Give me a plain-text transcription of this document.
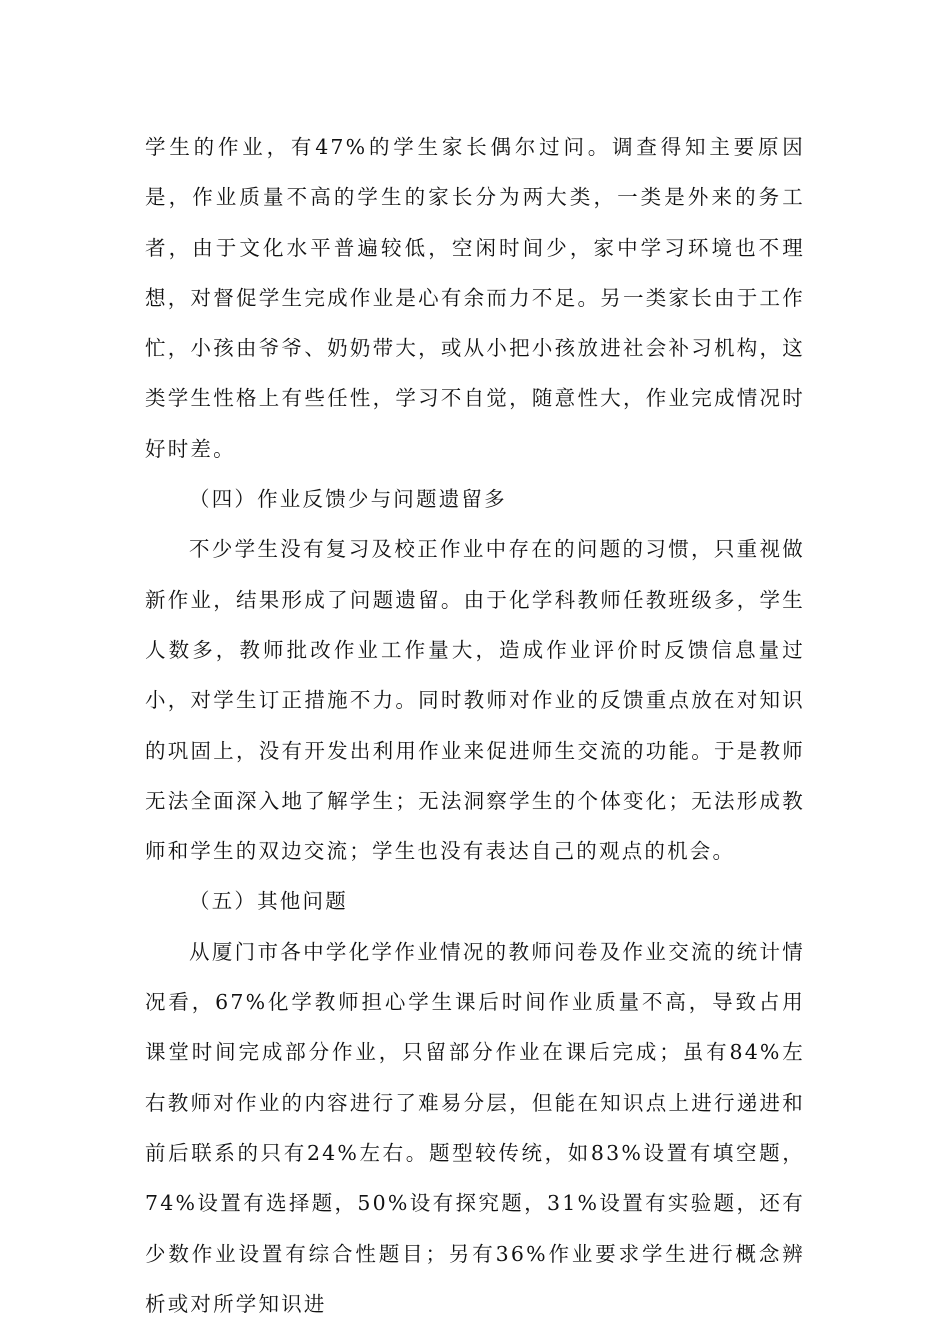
学生的作业，有47%的学生家长偶尔过问。调查得知主要原因是，作业质量不高的学生的家长分为两大类，一类是外来的务工者，由于文化水平普遍较低，空闲时间少，家中学习环境也不理想，对督促学生完成作业是心有余而力不足。另一类家长由于工作忙，小孩由爷爷、奶奶带大，或从小把小孩放进社会补习机构，这类学生性格上有些任性，学习不自觉，随意性大，作业完成情况时好时差。

（四）作业反馈少与问题遗留多

不少学生没有复习及校正作业中存在的问题的习惯，只重视做新作业，结果形成了问题遗留。由于化学科教师任教班级多，学生人数多，教师批改作业工作量大，造成作业评价时反馈信息量过小，对学生订正措施不力。同时教师对作业的反馈重点放在对知识的巩固上，没有开发出利用作业来促进师生交流的功能。于是教师无法全面深入地了解学生；无法洞察学生的个体变化；无法形成教师和学生的双边交流；学生也没有表达自己的观点的机会。

（五）其他问题

从厦门市各中学化学作业情况的教师问卷及作业交流的统计情况看，67%化学教师担心学生课后时间作业质量不高，导致占用课堂时间完成部分作业，只留部分作业在课后完成；虽有84%左右教师对作业的内容进行了难易分层，但能在知识点上进行递进和前后联系的只有24%左右。题型较传统，如83%设置有填空题，74%设置有选择题，50%设有探究题，31%设置有实验题，还有少数作业设置有综合性题目；另有36%作业要求学生进行概念辨析或对所学知识进
